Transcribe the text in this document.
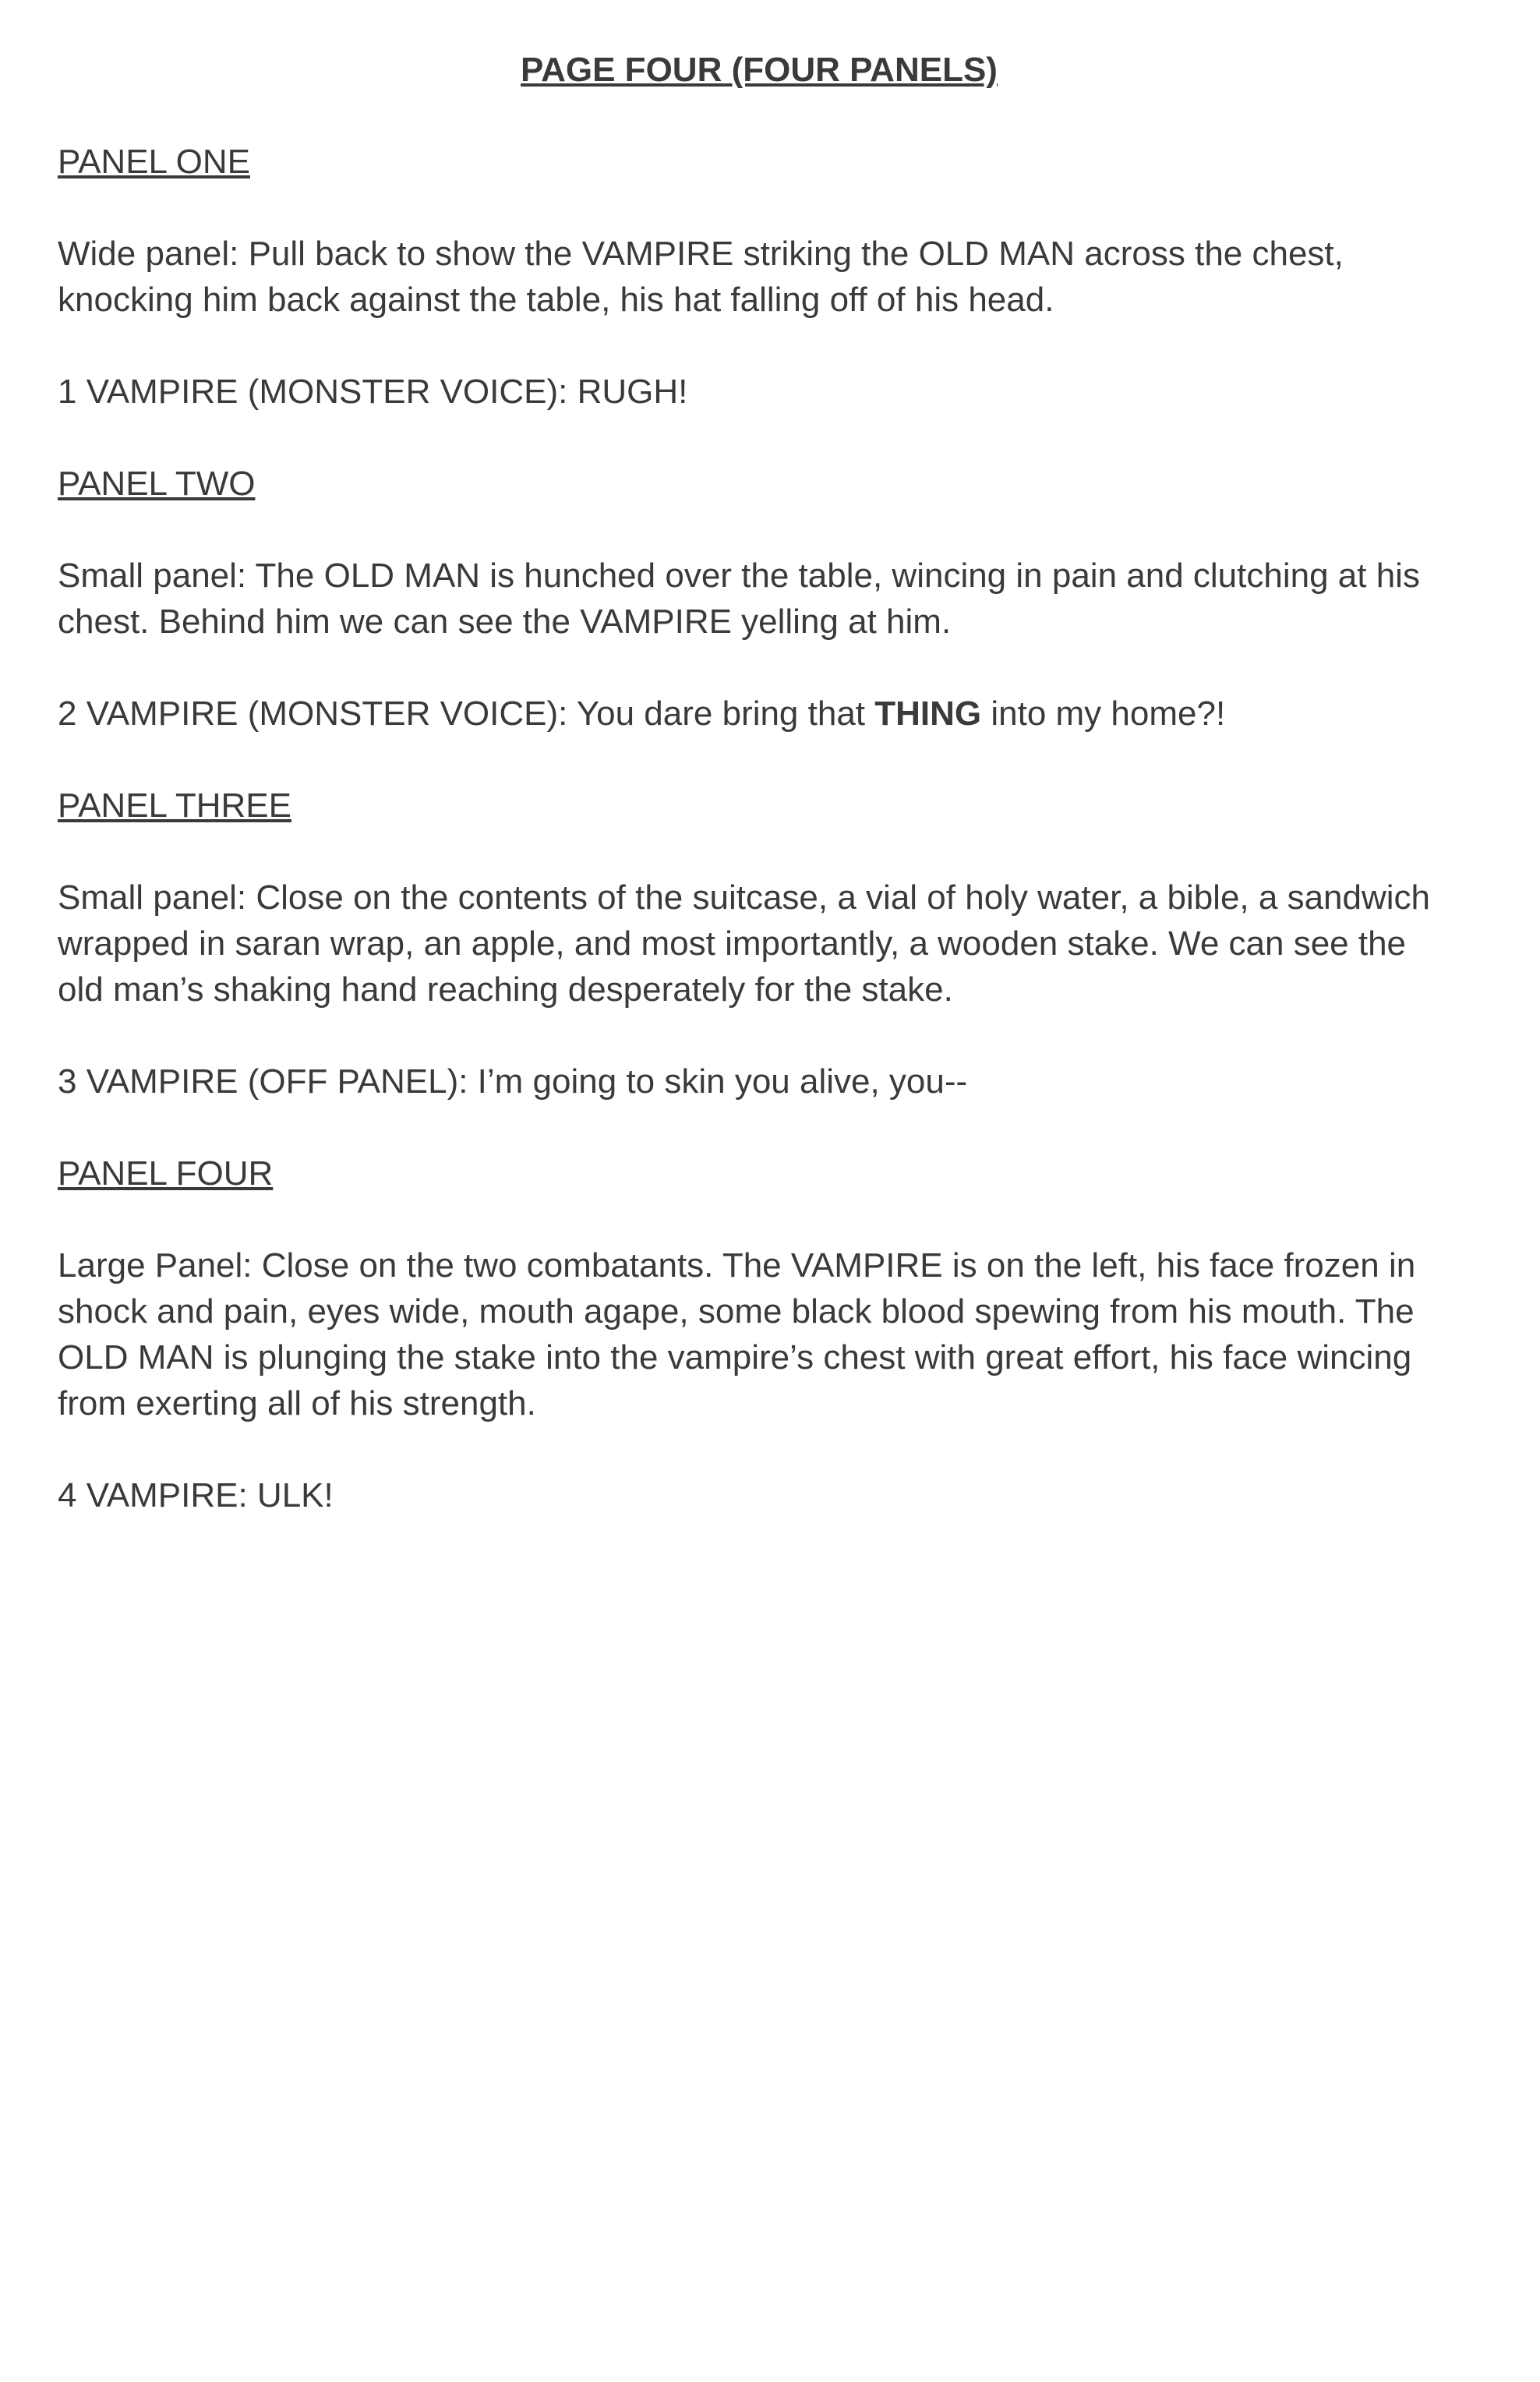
PAGE FOUR (FOUR PANELS)

PANEL ONE

Wide panel: Pull back to show the VAMPIRE striking the OLD MAN across the chest, knocking him back against the table, his hat falling off of his head.

1 VAMPIRE (MONSTER VOICE): RUGH!

PANEL TWO

Small panel: The OLD MAN is hunched over the table, wincing in pain and clutching at his chest. Behind him we can see the VAMPIRE yelling at him.

2 VAMPIRE (MONSTER VOICE): You dare bring that THING into my home?!

PANEL THREE

Small panel: Close on the contents of the suitcase, a vial of holy water, a bible, a sandwich wrapped in saran wrap, an apple, and most importantly, a wooden stake. We can see the old man’s shaking hand reaching desperately for the stake.

3 VAMPIRE (OFF PANEL): I’m going to skin you alive, you--

PANEL FOUR

Large Panel: Close on the two combatants. The VAMPIRE is on the left, his face frozen in shock and pain, eyes wide, mouth agape, some black blood spewing from his mouth. The OLD MAN is plunging the stake into the vampire’s chest with great effort, his face wincing from exerting all of his strength.

4 VAMPIRE: ULK!
